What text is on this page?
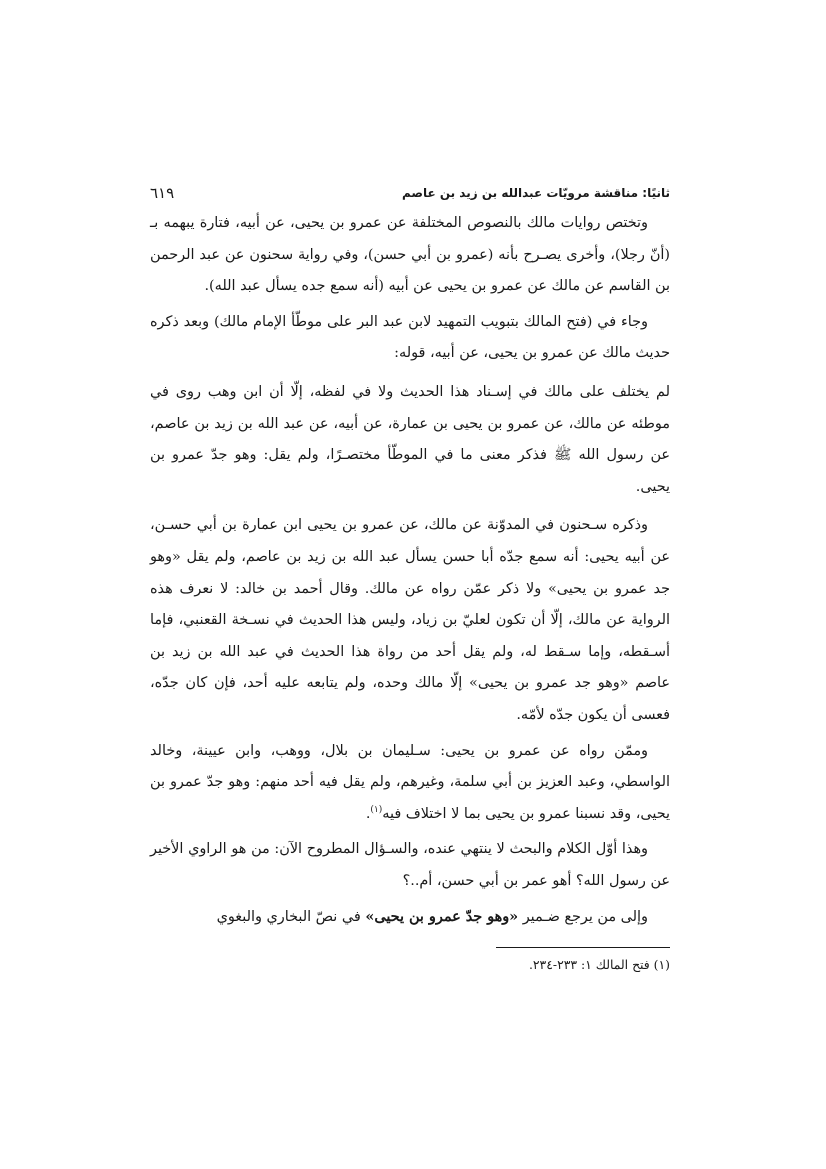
ثانيًا: مناقشة مرويّات عبدالله بن زيد بن عاصم
٦١٩

وتختص روايات مالك بالنصوص المختلفة عن عمرو بن يحيى، عن أبيه، فتارة يبهمه بـ (أنّ رجلا)، وأخرى يصـرح بأنه (عمرو بن أبي حسن)، وفي رواية سحنون عن عبد الرحمن بن القاسم عن مالك عن عمرو بن يحيى عن أبيه (أنه سمع جده يسأل عبد الله).

وجاء في (فتح المالك بتبويب التمهيد لابن عبد البر على موطّأ الإمام مالك) وبعد ذكره حديث مالك عن عمرو بن يحيى، عن أبيه، قوله:

لم يختلف على مالك في إسـناد هذا الحديث ولا في لفظه، إلّا أن ابن وهب روى في موطئه عن مالك، عن عمرو بن يحيى بن عمارة، عن أبيه، عن عبد الله بن زيد بن عاصم، عن رسول الله ﷺ فذكر معنى ما في الموطّأ مختصـرًا، ولم يقل: وهو جدّ عمرو بن يحيى.

وذكره سـحنون في المدوّنة عن مالك، عن عمرو بن يحيى ابن عمارة بن أبي حسـن، عن أبيه يحيى: أنه سمع جدّه أبا حسن يسأل عبد الله بن زيد بن عاصم، ولم يقل «وهو جد عمرو بن يحيى» ولا ذكر عمّن رواه عن مالك. وقال أحمد بن خالد: لا نعرف هذه الرواية عن مالك، إلّا أن تكون لعليّ بن زياد، وليس هذا الحديث في نسـخة القعنبي، فإما أسـقطه، وإما سـقط له، ولم يقل أحد من رواة هذا الحديث في عبد الله بن زيد بن عاصم «وهو جد عمرو بن يحيى» إلّا مالك وحده، ولم يتابعه عليه أحد، فإن كان جدّه، فعسى أن يكون جدّه لأمّه.

وممّن رواه عن عمرو بن يحيى: سـليمان بن بلال، ووهب، وابن عيينة، وخالد الواسطي، وعبد العزيز بن أبي سلمة، وغيرهم، ولم يقل فيه أحد منهم: وهو جدّ عمرو بن يحيى، وقد نسبنا عمرو بن يحيى بما لا اختلاف فيه$^{(١)}$.

وهذا أوّل الكلام والبحث لا ينتهي عنده، والسـؤال المطروح الآن: من هو الراوي الأخير عن رسول الله؟ أهو عمر بن أبي حسن، أم..؟

وإلى من يرجع ضـمير «وهو جدّ عمرو بن يحيى» في نصّ البخاري والبغوي

(١) فتح المالك ١: ٢٣٣-٢٣٤.
